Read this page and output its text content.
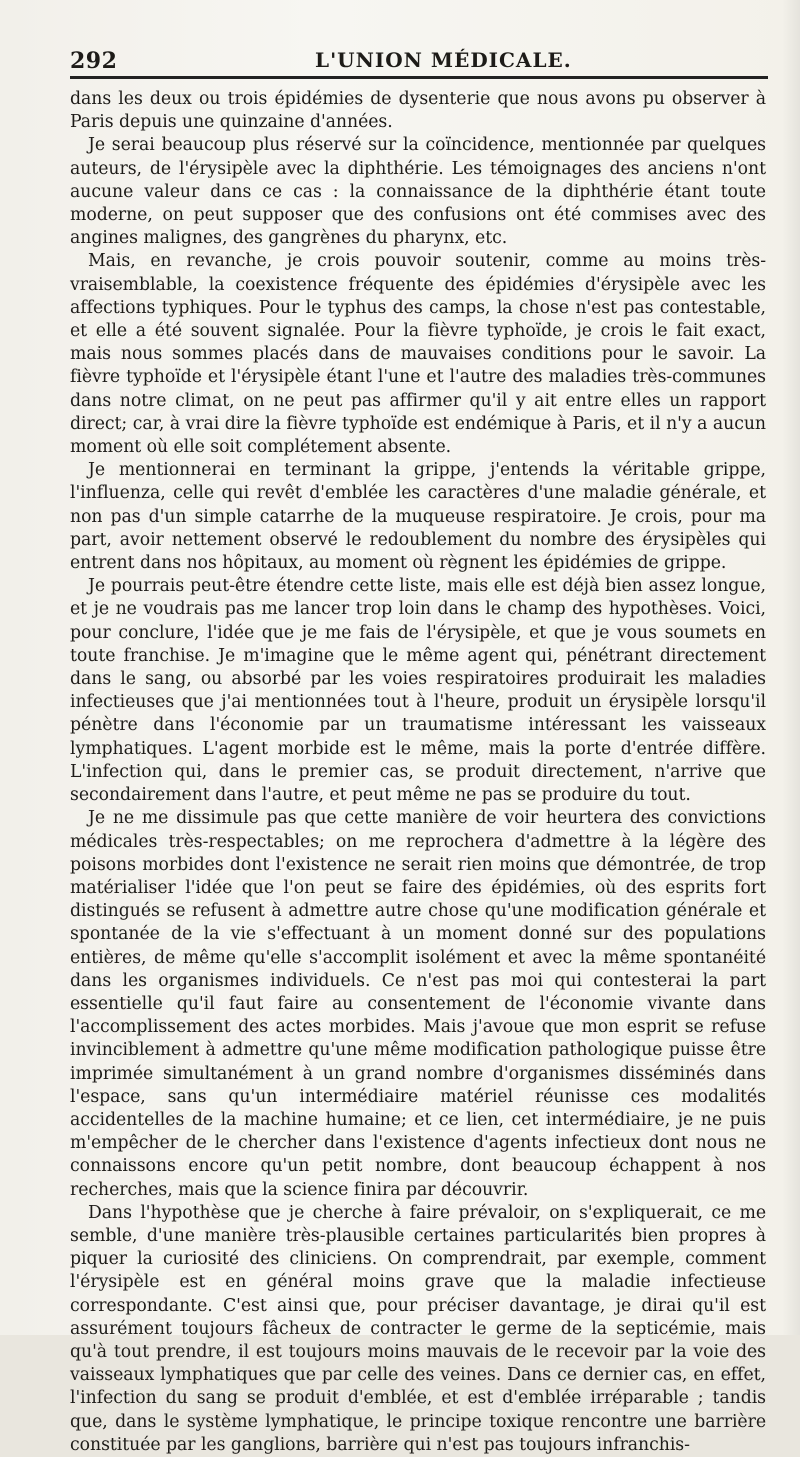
292	L'UNION MÉDICALE.

dans les deux ou trois épidémies de dysenterie que nous avons pu observer à Paris depuis une quinzaine d'années.

Je serai beaucoup plus réservé sur la coïncidence, mentionnée par quelques auteurs, de l'érysipèle avec la diphthérie. Les témoignages des anciens n'ont aucune valeur dans ce cas : la connaissance de la diphthérie étant toute moderne, on peut supposer que des confusions ont été commises avec des angines malignes, des gangrènes du pharynx, etc.

Mais, en revanche, je crois pouvoir soutenir, comme au moins très-vraisemblable, la coexistence fréquente des épidémies d'érysipèle avec les affections typhiques. Pour le typhus des camps, la chose n'est pas contestable, et elle a été souvent signalée. Pour la fièvre typhoïde, je crois le fait exact, mais nous sommes placés dans de mauvaises conditions pour le savoir. La fièvre typhoïde et l'érysipèle étant l'une et l'autre des maladies très-communes dans notre climat, on ne peut pas affirmer qu'il y ait entre elles un rapport direct; car, à vrai dire la fièvre typhoïde est endémique à Paris, et il n'y a aucun moment où elle soit complétement absente.

Je mentionnerai en terminant la grippe, j'entends la véritable grippe, l'influenza, celle qui revêt d'emblée les caractères d'une maladie générale, et non pas d'un simple catarrhe de la muqueuse respiratoire. Je crois, pour ma part, avoir nettement observé le redoublement du nombre des érysipèles qui entrent dans nos hôpitaux, au moment où règnent les épidémies de grippe.

Je pourrais peut-être étendre cette liste, mais elle est déjà bien assez longue, et je ne voudrais pas me lancer trop loin dans le champ des hypothèses. Voici, pour conclure, l'idée que je me fais de l'érysipèle, et que je vous soumets en toute franchise. Je m'imagine que le même agent qui, pénétrant directement dans le sang, ou absorbé par les voies respiratoires produirait les maladies infectieuses que j'ai mentionnées tout à l'heure, produit un érysipèle lorsqu'il pénètre dans l'économie par un traumatisme intéressant les vaisseaux lymphatiques. L'agent morbide est le même, mais la porte d'entrée diffère. L'infection qui, dans le premier cas, se produit directement, n'arrive que secondairement dans l'autre, et peut même ne pas se produire du tout.

Je ne me dissimule pas que cette manière de voir heurtera des convictions médicales très-respectables; on me reprochera d'admettre à la légère des poisons morbides dont l'existence ne serait rien moins que démontrée, de trop matérialiser l'idée que l'on peut se faire des épidémies, où des esprits fort distingués se refusent à admettre autre chose qu'une modification générale et spontanée de la vie s'effectuant à un moment donné sur des populations entières, de même qu'elle s'accomplit isolément et avec la même spontanéité dans les organismes individuels. Ce n'est pas moi qui contesterai la part essentielle qu'il faut faire au consentement de l'économie vivante dans l'accomplissement des actes morbides. Mais j'avoue que mon esprit se refuse invinciblement à admettre qu'une même modification pathologique puisse être imprimée simultanément à un grand nombre d'organismes disséminés dans l'espace, sans qu'un intermédiaire matériel réunisse ces modalités accidentelles de la machine humaine; et ce lien, cet intermédiaire, je ne puis m'empêcher de le chercher dans l'existence d'agents infectieux dont nous ne connaissons encore qu'un petit nombre, dont beaucoup échappent à nos recherches, mais que la science finira par découvrir.

Dans l'hypothèse que je cherche à faire prévaloir, on s'expliquerait, ce me semble, d'une manière très-plausible certaines particularités bien propres à piquer la curiosité des cliniciens. On comprendrait, par exemple, comment l'érysipèle est en général moins grave que la maladie infectieuse correspondante. C'est ainsi que, pour préciser davantage, je dirai qu'il est assurément toujours fâcheux de contracter le germe de la septicémie, mais qu'à tout prendre, il est toujours moins mauvais de le recevoir par la voie des vaisseaux lymphatiques que par celle des veines. Dans ce dernier cas, en effet, l'infection du sang se produit d'emblée, et est d'emblée irréparable ; tandis que, dans le système lymphatique, le principe toxique rencontre une barrière constituée par les ganglions, barrière qui n'est pas toujours infranchis-
